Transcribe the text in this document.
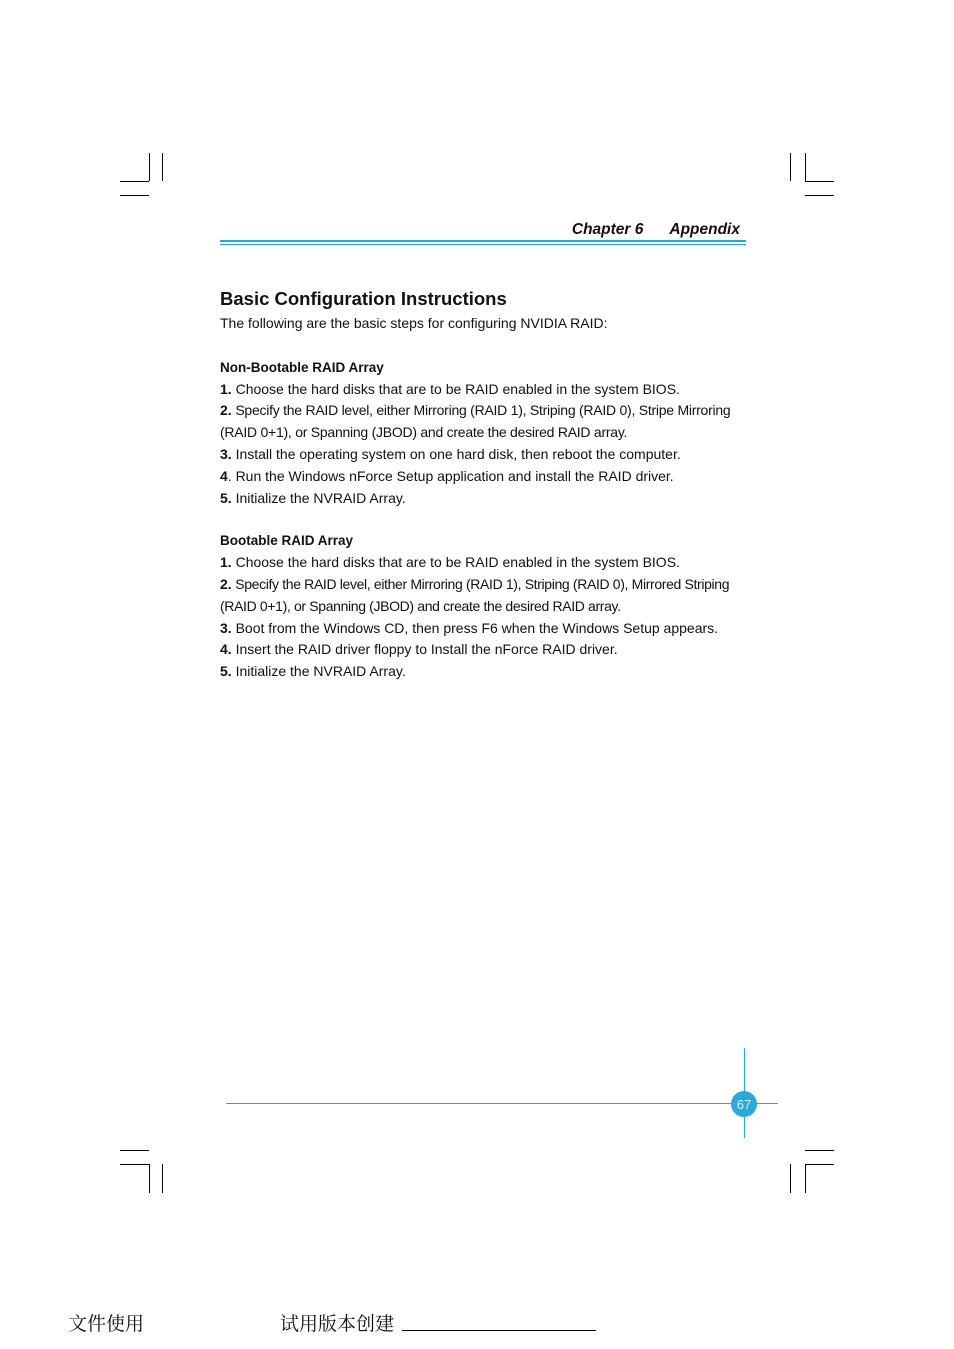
Chapter 6 Appendix
Basic Configuration Instructions

The following are the basic steps for configuring NVIDIA RAID:

Non-Bootable RAID Array

1. Choose the hard disks that are to be RAID enabled in the system BIOS.

2. Specify the RAID level, either Mirroring (RAID 1), Striping (RAID 0), Stripe Mirroring (RAID 0+1), or Spanning (JBOD) and create the desired RAID array.

3. Install the operating system on one hard disk, then reboot the computer.

4. Run the Windows nForce Setup application and install the RAID driver.

5. Initialize the NVRAID Array.

Bootable RAID Array

1. Choose the hard disks that are to be RAID enabled in the system BIOS.

2. Specify the RAID level, either Mirroring (RAID 1), Striping (RAID 0), Mirrored Striping (RAID 0+1), or Spanning (JBOD) and create the desired RAID array.

3. Boot from the Windows CD, then press F6 when the Windows Setup appears.

4. Insert the RAID driver floppy to Install the nForce RAID driver.

5. Initialize the NVRAID Array.

67
文件使用	试用版本创建
